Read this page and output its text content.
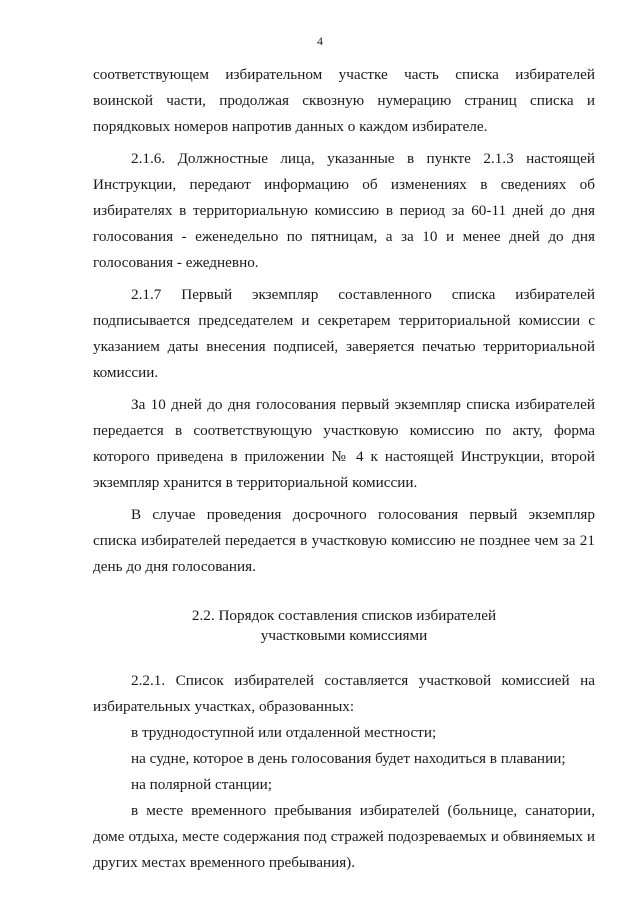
4

соответствующем избирательном участке часть списка избирателей воинской части, продолжая сквозную нумерацию страниц списка и порядковых номеров напротив данных о каждом избирателе.

2.1.6. Должностные лица, указанные в пункте 2.1.3 настоящей Инструкции, передают информацию об изменениях в сведениях об избирателях в территориальную комиссию в период за 60-11 дней до дня голосования - еженедельно по пятницам, а за 10 и менее дней до дня голосования - ежедневно.

2.1.7 Первый экземпляр составленного списка избирателей подписывается председателем и секретарем территориальной комиссии с указанием даты внесения подписей, заверяется печатью территориальной комиссии.

За 10 дней до дня голосования первый экземпляр списка избирателей передается в соответствующую участковую комиссию по акту, форма которого приведена в приложении № 4 к настоящей Инструкции, второй экземпляр хранится в территориальной комиссии.

В случае проведения досрочного голосования первый экземпляр списка избирателей передается в участковую комиссию не позднее чем за 21 день до дня голосования.

2.2. Порядок составления списков избирателей
участковыми комиссиями

2.2.1. Список избирателей составляется участковой комиссией на избирательных участках, образованных:

в труднодоступной или отдаленной местности;

на судне, которое в день голосования будет находиться в плавании;

на полярной станции;

в месте временного пребывания избирателей (больнице, санатории, доме отдыха, месте содержания под стражей подозреваемых и обвиняемых и других местах временного пребывания).
